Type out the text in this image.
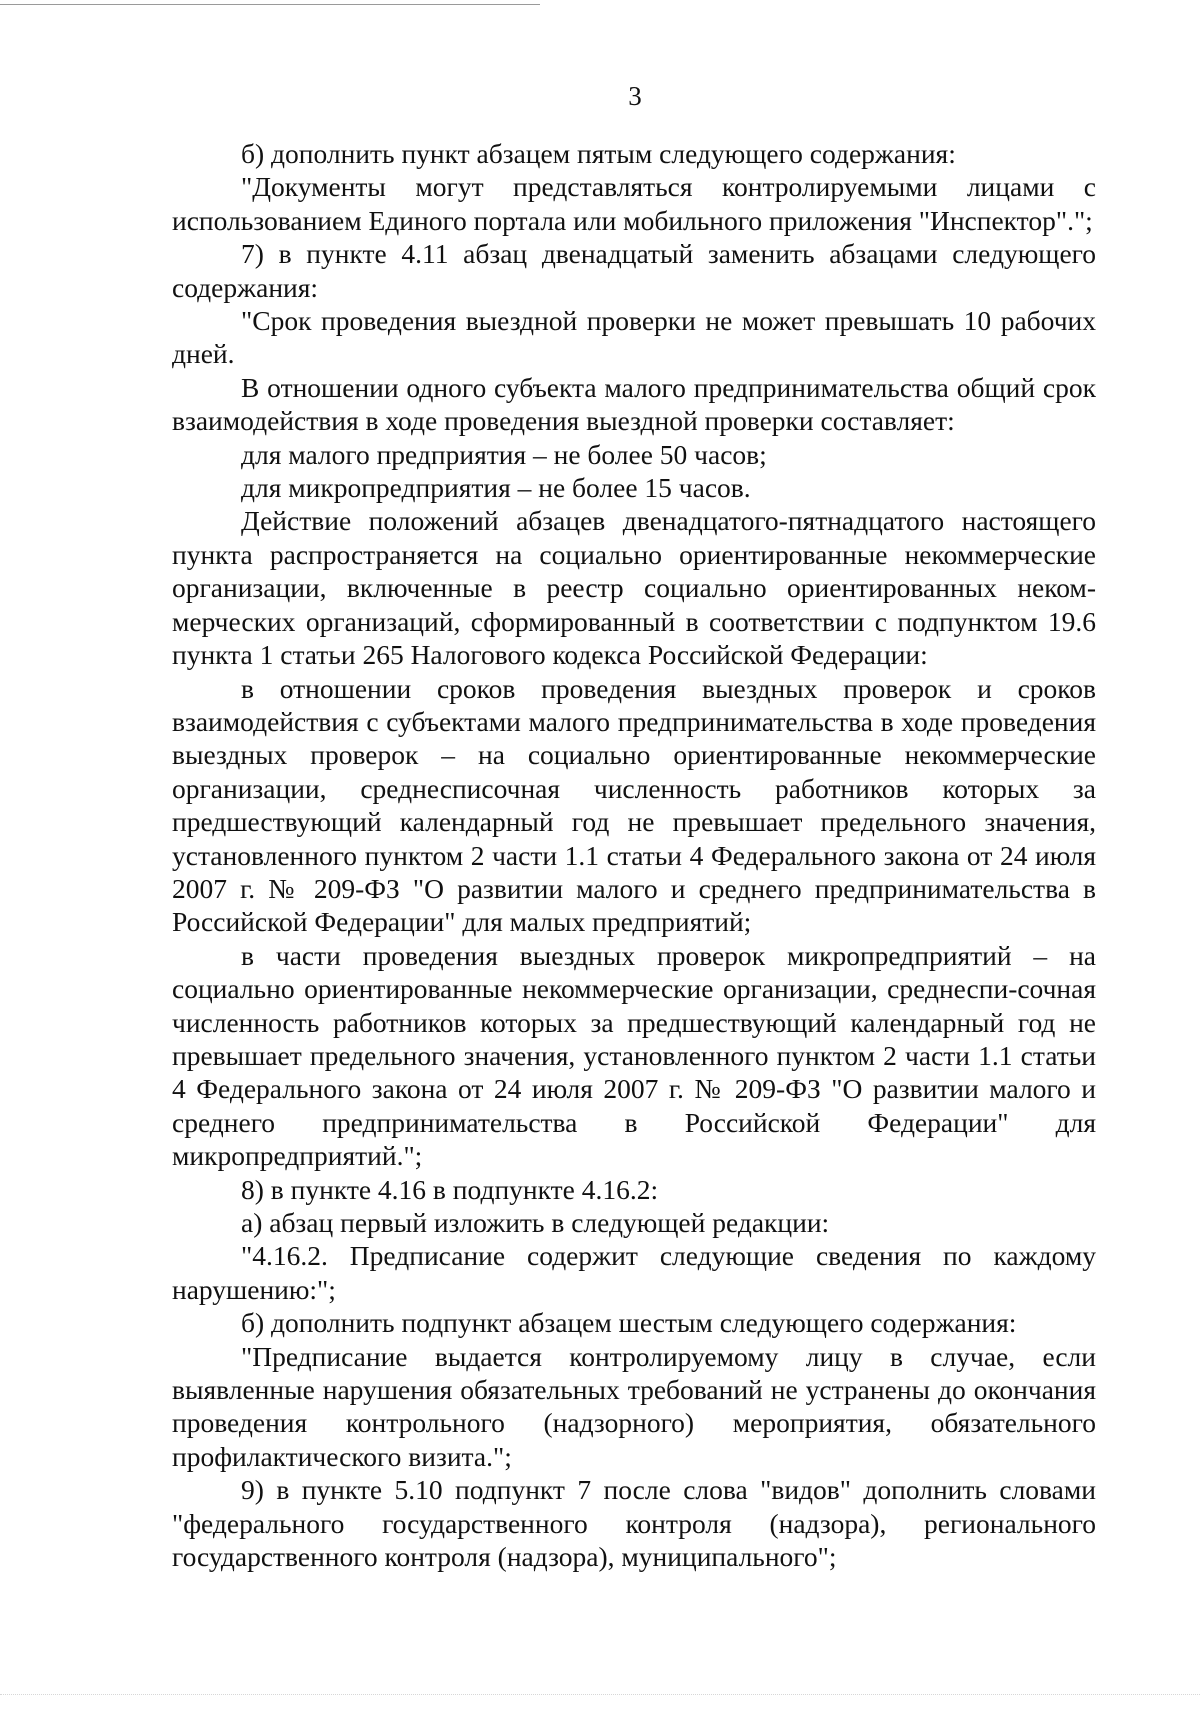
3

б) дополнить пункт абзацем пятым следующего содержания:

"Документы могут представляться контролируемыми лицами с использованием Единого портала или мобильного приложения "Инспектор".";

7) в пункте 4.11 абзац двенадцатый заменить абзацами следующего содержания:

"Срок проведения выездной проверки не может превышать 10 рабочих дней.

В отношении одного субъекта малого предпринимательства общий срок взаимодействия в ходе проведения выездной проверки составляет:

для малого предприятия – не более 50 часов;

для микропредприятия – не более 15 часов.

Действие положений абзацев двенадцатого-пятнадцатого настоящего пункта распространяется на социально ориентированные некоммерческие организации, включенные в реестр социально ориентированных неком-мерческих организаций, сформированный в соответствии с подпунктом 19.6 пункта 1 статьи 265 Налогового кодекса Российской Федерации:

в отношении сроков проведения выездных проверок и сроков взаимодействия с субъектами малого предпринимательства в ходе проведения выездных проверок – на социально ориентированные некоммерческие организации, среднесписочная численность работников которых за предшествующий календарный год не превышает предельного значения, установленного пунктом 2 части 1.1 статьи 4 Федерального закона от 24 июля 2007 г. № 209-ФЗ "О развитии малого и среднего предпринимательства в Российской Федерации" для малых предприятий;

в части проведения выездных проверок микропредприятий – на социально ориентированные некоммерческие организации, среднеспи-сочная численность работников которых за предшествующий календарный год не превышает предельного значения, установленного пунктом 2 части 1.1 статьи 4 Федерального закона от 24 июля 2007 г. № 209-ФЗ "О развитии малого и среднего предпринимательства в Российской Федерации" для микропредприятий.";

8) в пункте 4.16 в подпункте 4.16.2:

а) абзац первый изложить в следующей редакции:

"4.16.2. Предписание содержит следующие сведения по каждому нарушению:";

б) дополнить подпункт абзацем шестым следующего содержания:

"Предписание выдается контролируемому лицу в случае, если выявленные нарушения обязательных требований не устранены до окончания проведения контрольного (надзорного) мероприятия, обязательного профилактического визита.";

9) в пункте 5.10 подпункт 7 после слова "видов" дополнить словами "федерального государственного контроля (надзора), регионального государственного контроля (надзора), муниципального";
